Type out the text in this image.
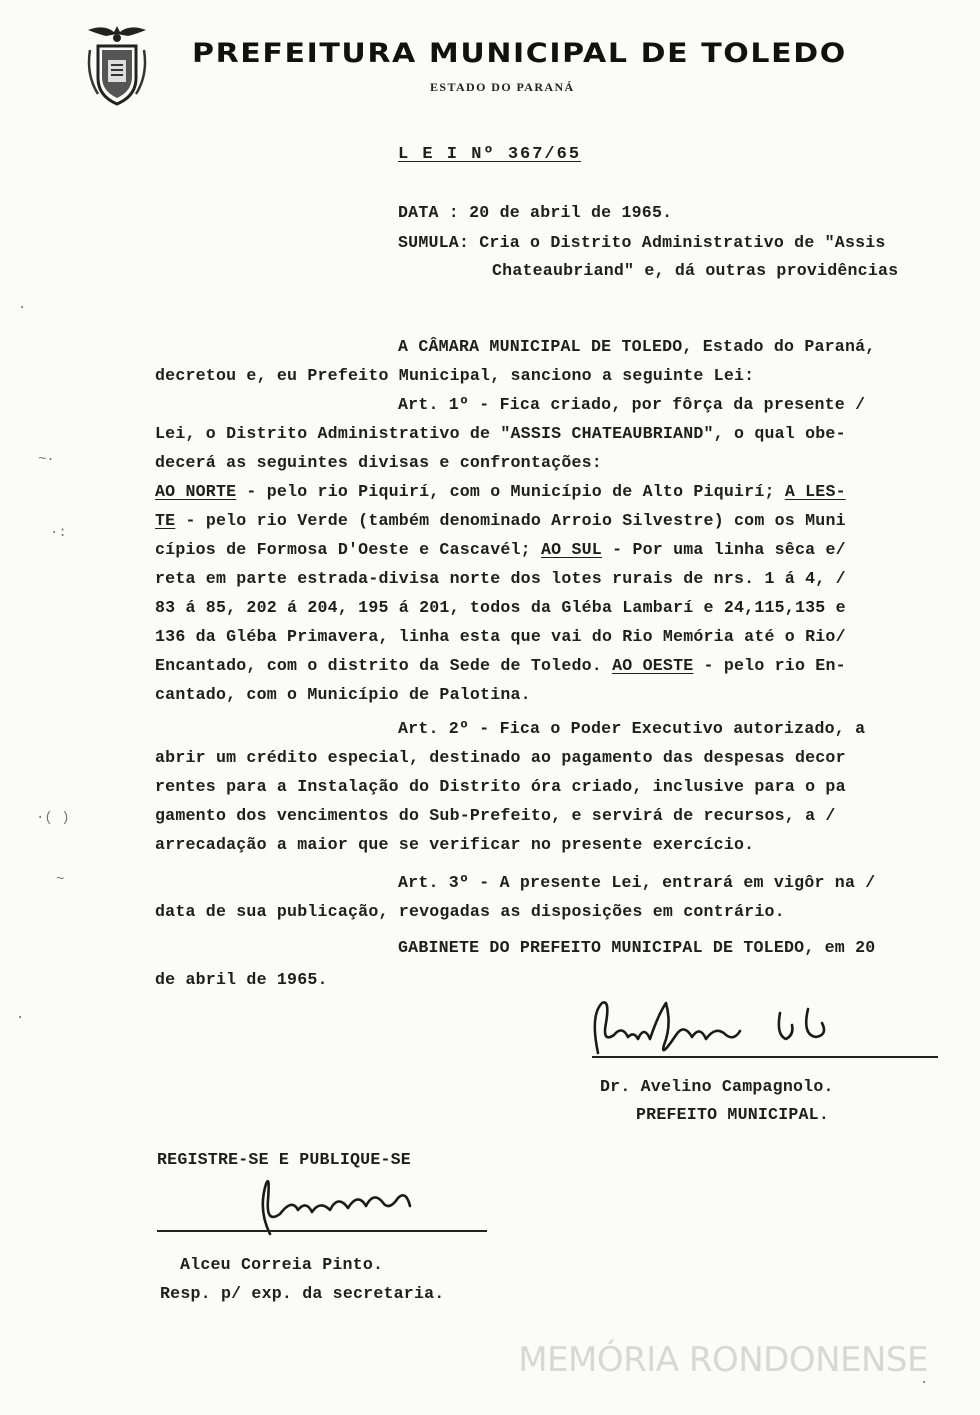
PREFEITURA MUNICIPAL DE TOLEDO
ESTADO DO PARANÁ
L E I Nº 367/65
DATA : 20 de abril de 1965.
SUMULA: Cria o Distrito Administrativo de "Assis
Chateaubriand" e, dá outras providências
A CÂMARA MUNICIPAL DE TOLEDO, Estado do Paraná,
decretou e, eu Prefeito Municipal, sanciono a seguinte Lei:
Art. 1º - Fica criado, por fôrça da presente /
Lei, o Distrito Administrativo de "ASSIS CHATEAUBRIAND", o qual obe-
decerá as seguintes divisas e confrontações:
AO NORTE - pelo rio Piquirí, com o Município de Alto Piquirí; A LES-
TE - pelo rio Verde (também denominado Arroio Silvestre) com os Muni
cípios de Formosa D'Oeste e Cascavél; AO SUL - Por uma linha sêca e/
reta em parte estrada-divisa norte dos lotes rurais de nrs. 1 á 4, /
83 á 85, 202 á 204, 195 á 201, todos da Gléba Lambarí e 24,115,135 e
136 da Gléba Primavera, linha esta que vai do Rio Memória até o Rio/
Encantado, com o distrito da Sede de Toledo. AO OESTE - pelo rio En-
cantado, com o Município de Palotina.
Art. 2º - Fica o Poder Executivo autorizado, a
abrir um crédito especial, destinado ao pagamento das despesas decor
rentes para a Instalação do Distrito óra criado, inclusive para o pa
gamento dos vencimentos do Sub-Prefeito, e servirá de recursos, a /
arrecadação a maior que se verificar no presente exercício.
Art. 3º - A presente Lei, entrará em vigôr na /
data de sua publicação, revogadas as disposições em contrário.
GABINETE DO PREFEITO MUNICIPAL DE TOLEDO, em 20
de abril de 1965.
Dr. Avelino Campagnolo.
PREFEITO MUNICIPAL.
REGISTRE-SE E PUBLIQUE-SE
Alceu Correia Pinto.
Resp. p/ exp. da secretaria.
MEMÓRIA RONDONENSE
~·
·:
·( )
~
·
·
·
